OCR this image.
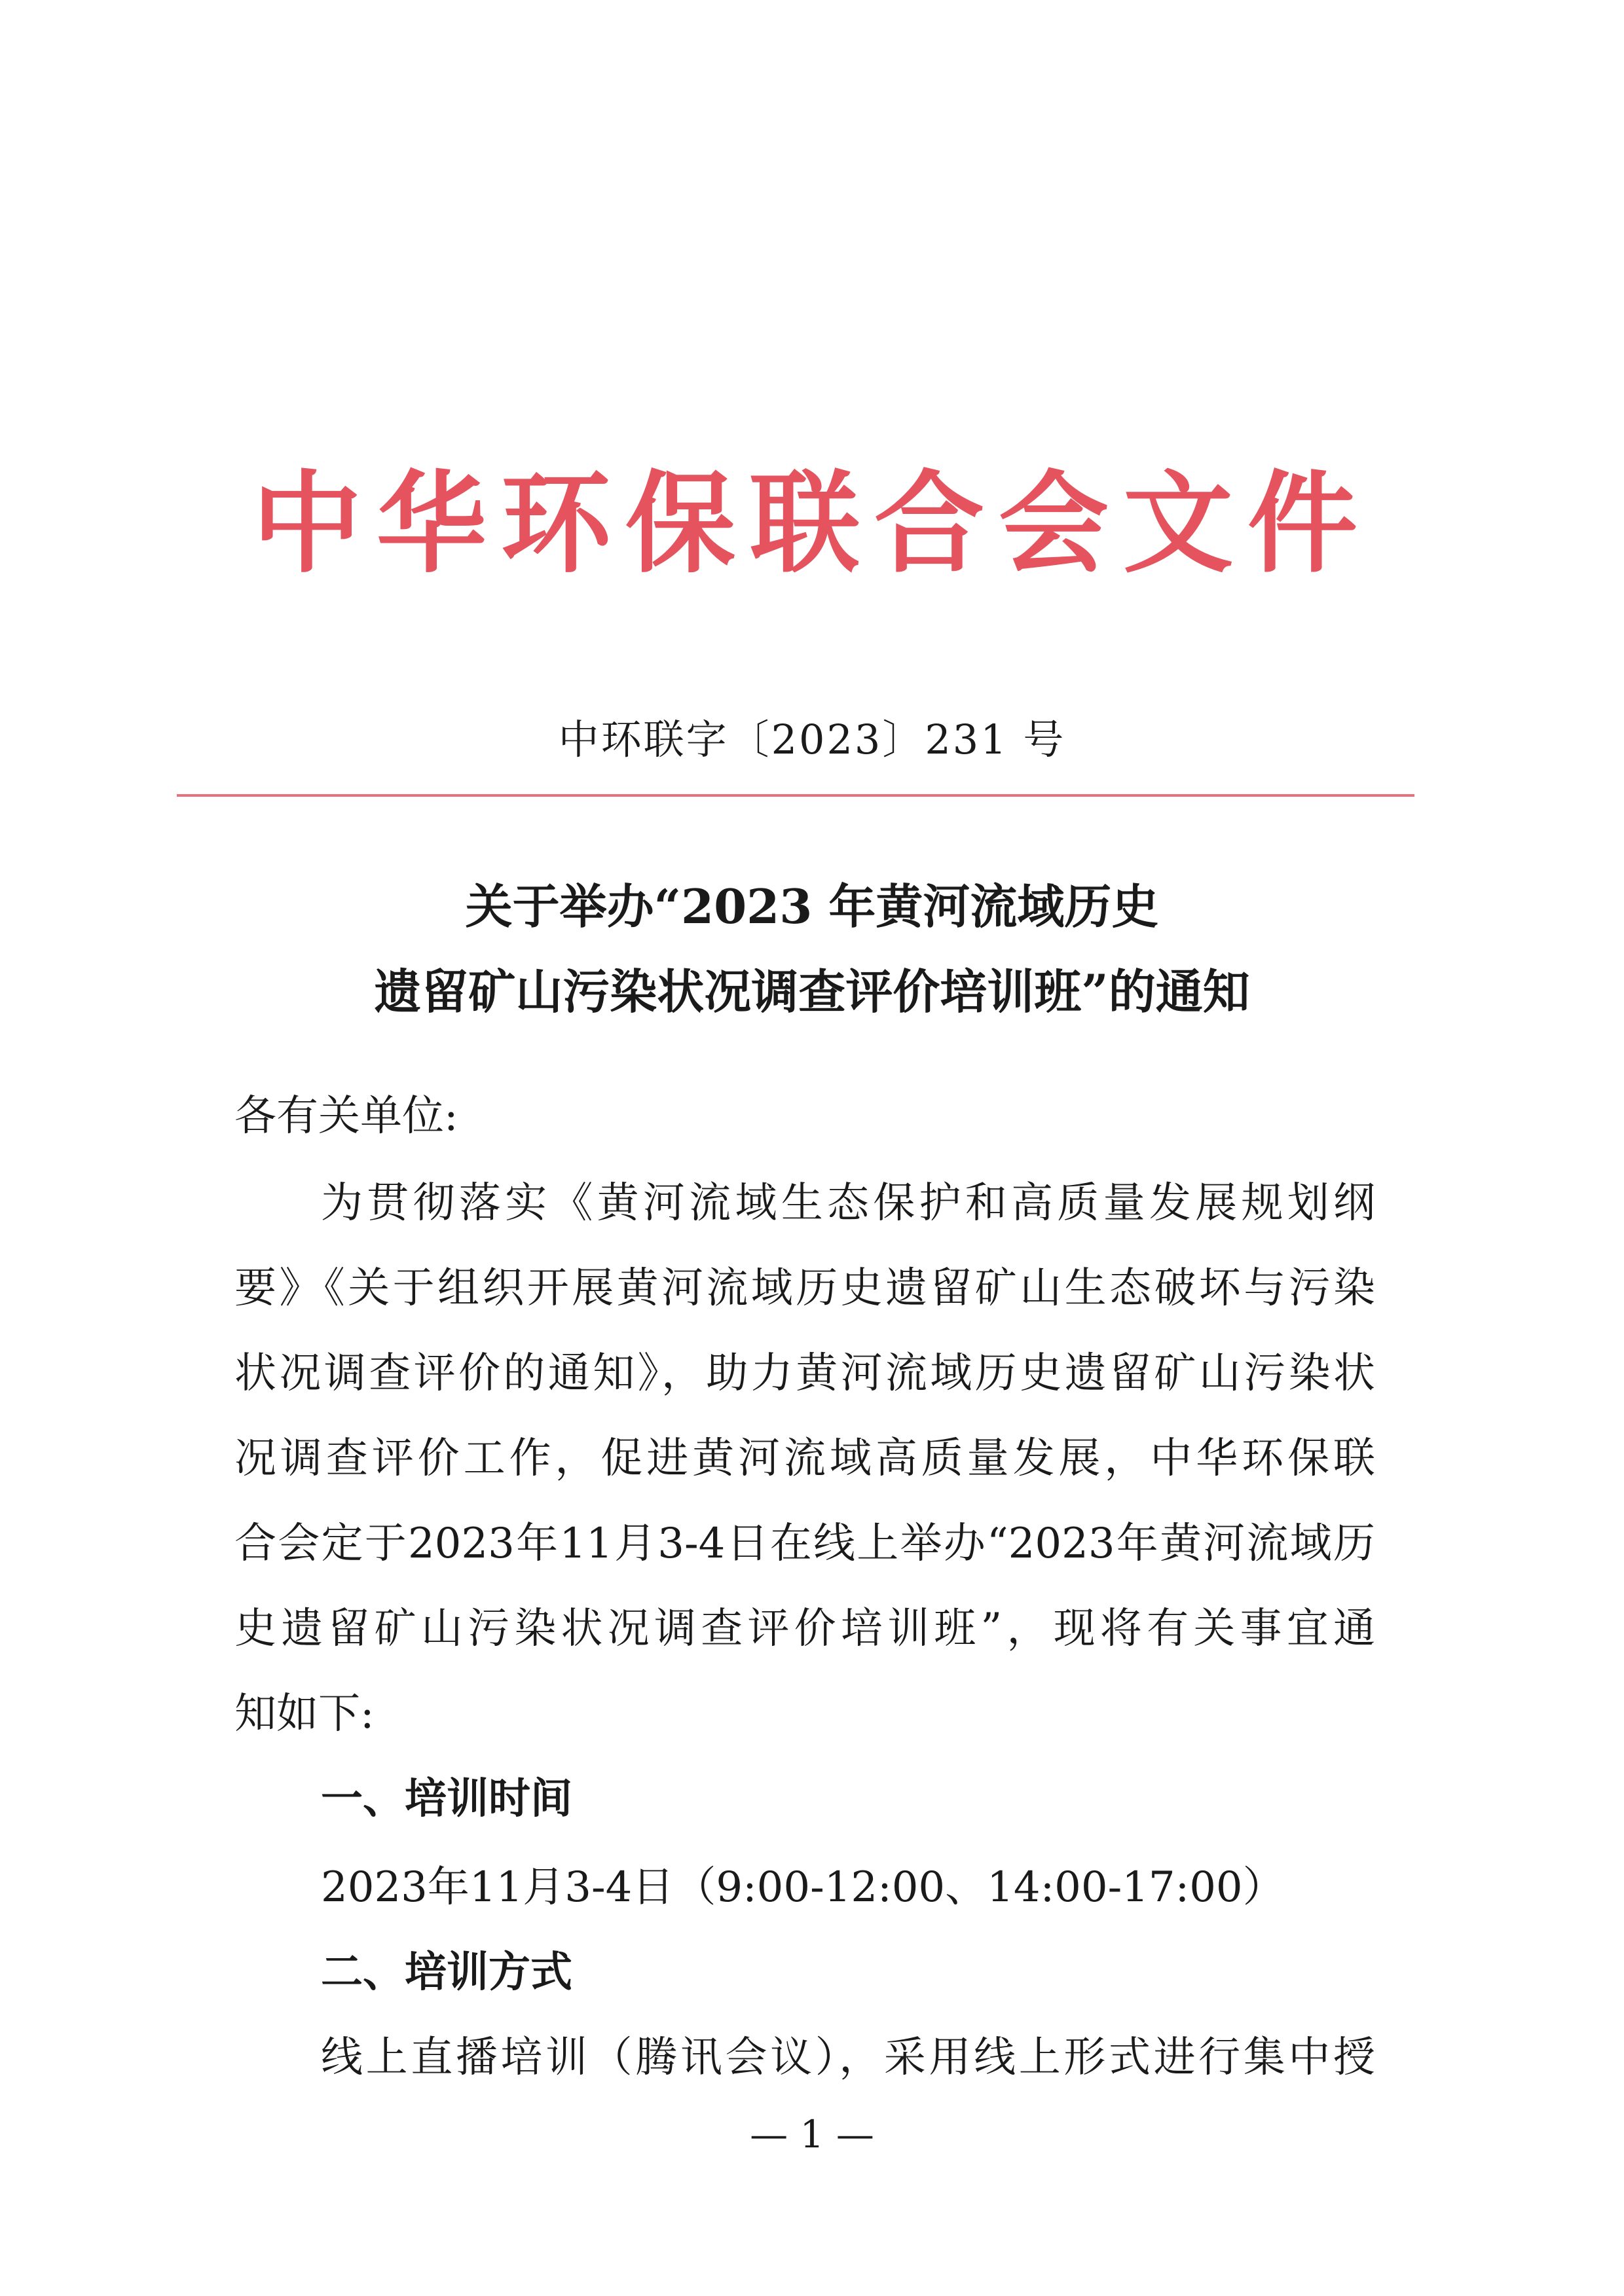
中华环保联合会文件
中环联字〔2023〕231 号
关于举办“2023 年黄河流域历史
遗留矿山污染状况调查评价培训班”的通知
各有关单位:
为贯彻落实《黄河流域生态保护和高质量发展规划纲
要》《关于组织开展黄河流域历史遗留矿山生态破坏与污染
状况调查评价的通知》，助力黄河流域历史遗留矿山污染状
况调查评价工作，促进黄河流域高质量发展，中华环保联
合会定于2023年11月3-4日在线上举办“2023年黄河流域历
史遗留矿山污染状况调查评价培训班”，现将有关事宜通
知如下:
一、培训时间
2023年11月3-4日（9:00-12:00、14:00-17:00）
二、培训方式
线上直播培训（腾讯会议），采用线上形式进行集中授
— 1 —
